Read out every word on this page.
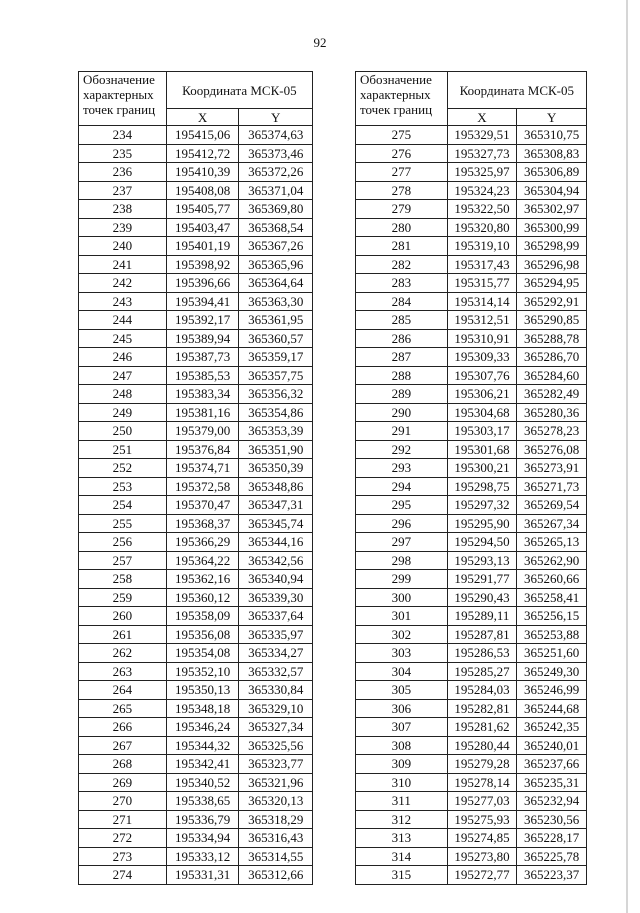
92
Обозначение характерных точек границ	Координата МСК-05	
	X	Y
234	195415,06	365374,63
235	195412,72	365373,46
236	195410,39	365372,26
237	195408,08	365371,04
238	195405,77	365369,80
239	195403,47	365368,54
240	195401,19	365367,26
241	195398,92	365365,96
242	195396,66	365364,64
243	195394,41	365363,30
244	195392,17	365361,95
245	195389,94	365360,57
246	195387,73	365359,17
247	195385,53	365357,75
248	195383,34	365356,32
249	195381,16	365354,86
250	195379,00	365353,39
251	195376,84	365351,90
252	195374,71	365350,39
253	195372,58	365348,86
254	195370,47	365347,31
255	195368,37	365345,74
256	195366,29	365344,16
257	195364,22	365342,56
258	195362,16	365340,94
259	195360,12	365339,30
260	195358,09	365337,64
261	195356,08	365335,97
262	195354,08	365334,27
263	195352,10	365332,57
264	195350,13	365330,84
265	195348,18	365329,10
266	195346,24	365327,34
267	195344,32	365325,56
268	195342,41	365323,77
269	195340,52	365321,96
270	195338,65	365320,13
271	195336,79	365318,29
272	195334,94	365316,43
273	195333,12	365314,55
274	195331,31	365312,66
Обозначение характерных точек границ	Координата МСК-05	
	X	Y
275	195329,51	365310,75
276	195327,73	365308,83
277	195325,97	365306,89
278	195324,23	365304,94
279	195322,50	365302,97
280	195320,80	365300,99
281	195319,10	365298,99
282	195317,43	365296,98
283	195315,77	365294,95
284	195314,14	365292,91
285	195312,51	365290,85
286	195310,91	365288,78
287	195309,33	365286,70
288	195307,76	365284,60
289	195306,21	365282,49
290	195304,68	365280,36
291	195303,17	365278,23
292	195301,68	365276,08
293	195300,21	365273,91
294	195298,75	365271,73
295	195297,32	365269,54
296	195295,90	365267,34
297	195294,50	365265,13
298	195293,13	365262,90
299	195291,77	365260,66
300	195290,43	365258,41
301	195289,11	365256,15
302	195287,81	365253,88
303	195286,53	365251,60
304	195285,27	365249,30
305	195284,03	365246,99
306	195282,81	365244,68
307	195281,62	365242,35
308	195280,44	365240,01
309	195279,28	365237,66
310	195278,14	365235,31
311	195277,03	365232,94
312	195275,93	365230,56
313	195274,85	365228,17
314	195273,80	365225,78
315	195272,77	365223,37
